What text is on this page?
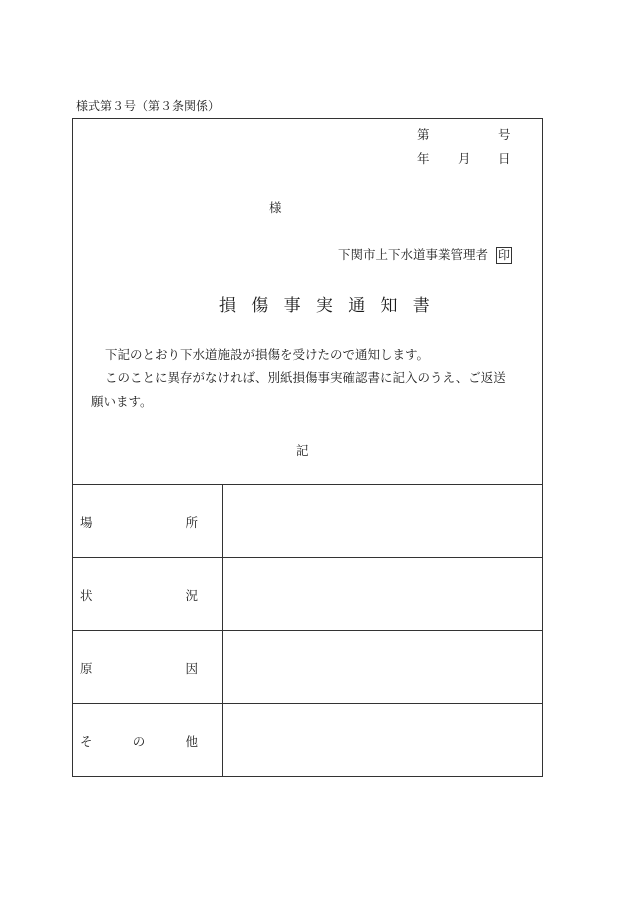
様式第３号（第３条関係）
第	号
年 月 日
様
下関市上下水道事業管理者 印
損傷事実通知書
下記のとおり下水道施設が損傷を受けたので通知します。
このことに異存がなければ、別紙損傷事実確認書に記入のうえ、ご返送
願います。
記
場	所
状	況
原	因
そ	の	他
